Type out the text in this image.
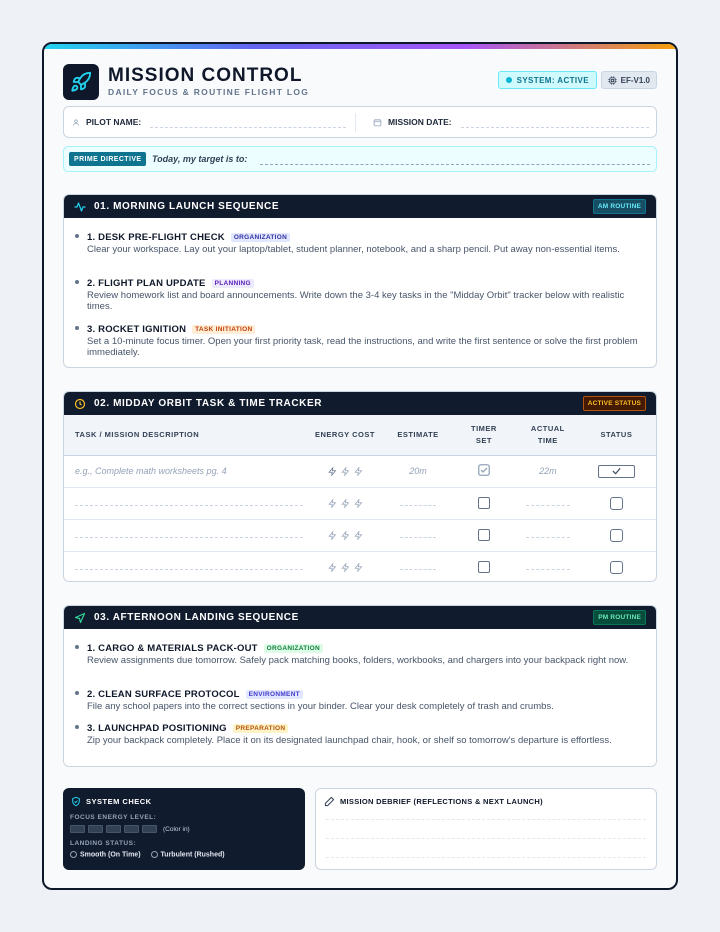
MISSION CONTROL
DAILY FOCUS & ROUTINE FLIGHT LOG
SYSTEM: ACTIVE	EF-V1.0
PILOT NAME:	MISSION DATE:
PRIME DIRECTIVE	Today, my target is to:
01. MORNING LAUNCH SEQUENCE	AM ROUTINE
1. DESK PRE-FLIGHT CHECK	ORGANIZATION
Clear your workspace. Lay out your laptop/tablet, student planner, notebook, and a sharp pencil. Put away non-essential items.
2. FLIGHT PLAN UPDATE	PLANNING
Review homework list and board announcements. Write down the 3-4 key tasks in the "Midday Orbit" tracker below with realistic times.
3. ROCKET IGNITION	TASK INITIATION
Set a 10-minute focus timer. Open your first priority task, read the instructions, and write the first sentence or solve the first problem immediately.
02. MIDDAY ORBIT TASK & TIME TRACKER	ACTIVE STATUS
TASK / MISSION DESCRIPTION	ENERGY COST	ESTIMATE	TIMER SET	ACTUAL TIME	STATUS
e.g., Complete math worksheets pg. 4		20m		22m	

03. AFTERNOON LANDING SEQUENCE	PM ROUTINE
1. CARGO & MATERIALS PACK-OUT	ORGANIZATION
Review assignments due tomorrow. Safely pack matching books, folders, workbooks, and chargers into your backpack right now.
2. CLEAN SURFACE PROTOCOL	ENVIRONMENT
File any school papers into the correct sections in your binder. Clear your desk completely of trash and crumbs.
3. LAUNCHPAD POSITIONING	PREPARATION
Zip your backpack completely. Place it on its designated launchpad chair, hook, or shelf so tomorrow's departure is effortless.
SYSTEM CHECK
FOCUS ENERGY LEVEL:
(Color in)
LANDING STATUS:
Smooth (On Time)	Turbulent (Rushed)
MISSION DEBRIEF (REFLECTIONS & NEXT LAUNCH)
